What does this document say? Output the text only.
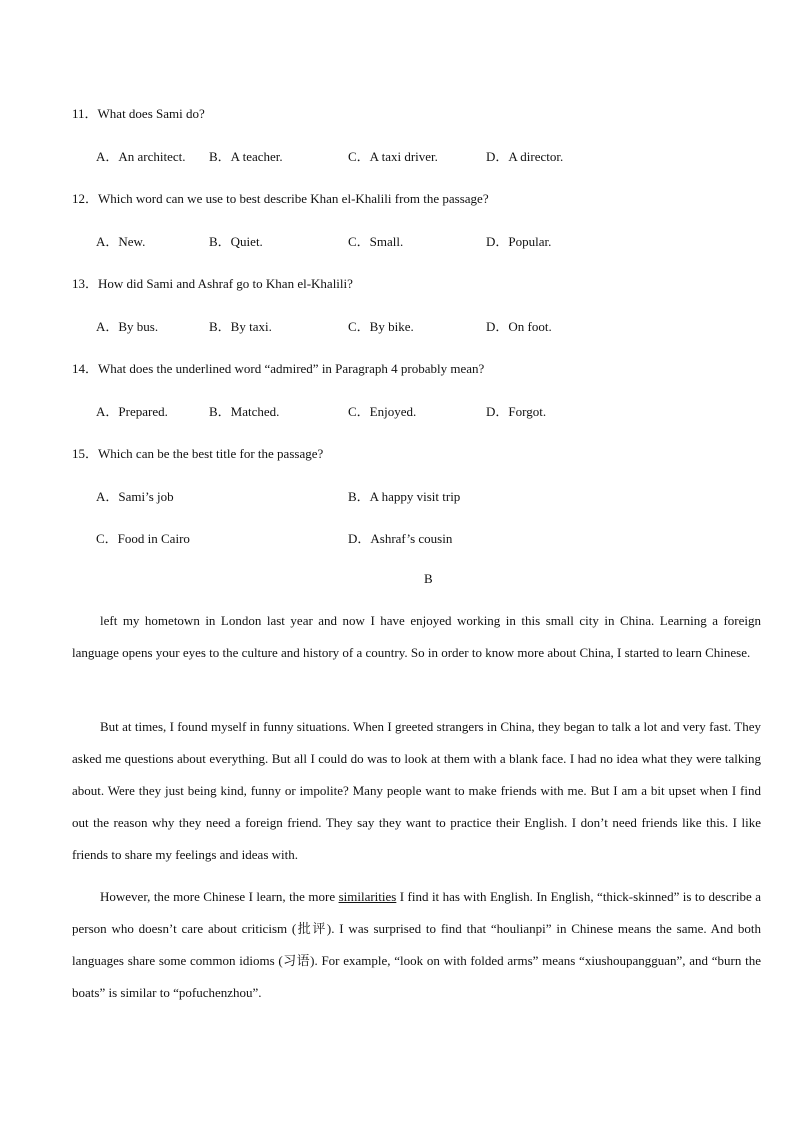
11．What does Sami do?
A．An architect. B．A teacher.	C．A taxi driver.	D．A director.
12．Which word can we use to best describe Khan el-Khalili from the passage?
A．New.	B．Quiet.	C．Small.	D．Popular.
13．How did Sami and Ashraf go to Khan el-Khalili?
A．By bus.	B．By taxi.	C．By bike.	D．On foot.
14．What does the underlined word “admired” in Paragraph 4 probably mean?
A．Prepared.	B．Matched.	C．Enjoyed.	D．Forgot.
15．Which can be the best title for the passage?
A．Sami’s job	B．A happy visit trip
C．Food in Cairo	D．Ashraf’s cousin
B
left my hometown in London last year and now I have enjoyed working in this small city in China. Learning a foreign language opens your eyes to the culture and history of a country. So in order to know more about China, I started to learn Chinese.
But at times, I found myself in funny situations. When I greeted strangers in China, they began to talk a lot and very fast. They asked me questions about everything. But all I could do was to look at them with a blank face. I had no idea what they were talking about. Were they just being kind, funny or impolite? Many people want to make friends with me. But I am a bit upset when I find out the reason why they need a foreign friend. They say they want to practice their English. I don’t need friends like this. I like friends to share my feelings and ideas with.
However, the more Chinese I learn, the more similarities I find it has with English. In English, “thick-skinned” is to describe a person who doesn’t care about criticism (批评). I was surprised to find that “houlianpi” in Chinese means the same. And both languages share some common idioms (习语). For example, “look on with folded arms” means “xiushoupangguan”, and “burn the boats” is similar to “pofuchenzhou”.
